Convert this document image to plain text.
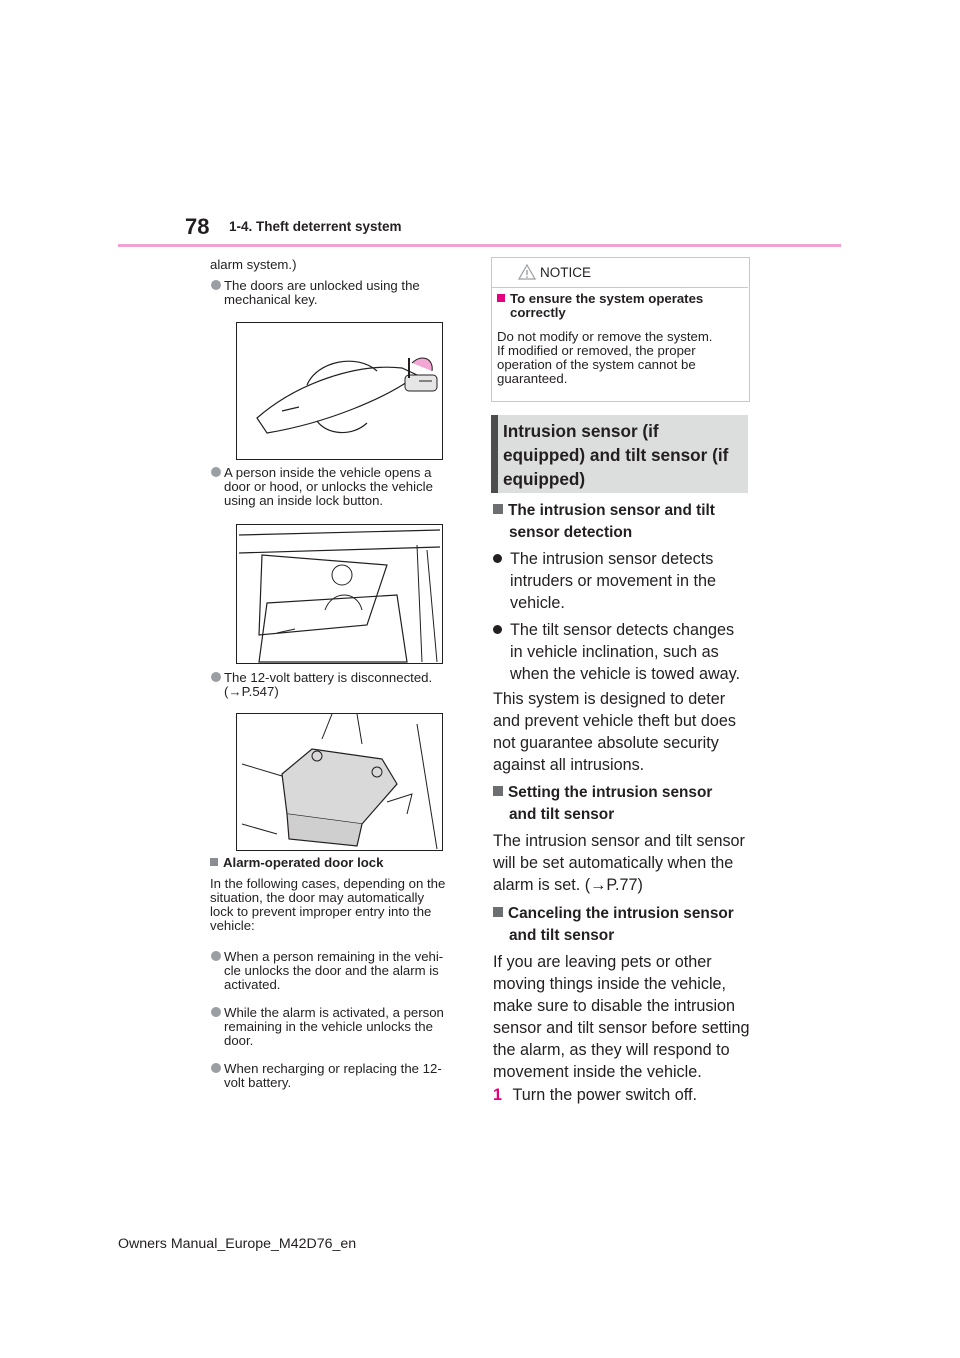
78 1-4. Theft deterrent system
alarm system.)
The doors are unlocked using the
mechanical key.
A person inside the vehicle opens a
door or hood, or unlocks the vehicle
using an inside lock button.
The 12-volt battery is disconnected.
(→P.547)
Alarm-operated door lock
In the following cases, depending on the
situation, the door may automatically
lock to prevent improper entry into the
vehicle:
When a person remaining in the vehi-
cle unlocks the door and the alarm is
activated.
While the alarm is activated, a person
remaining in the vehicle unlocks the
door.
When recharging or replacing the 12-
volt battery.
NOTICE
To ensure the system operates
correctly
Do not modify or remove the system.
If modified or removed, the proper
operation of the system cannot be
guaranteed.
Intrusion sensor (if
equipped) and tilt sensor (if
equipped)
The intrusion sensor and tilt
sensor detection
The intrusion sensor detects
intruders or movement in the
vehicle.
The tilt sensor detects changes
in vehicle inclination, such as
when the vehicle is towed away.
This system is designed to deter
and prevent vehicle theft but does
not guarantee absolute security
against all intrusions.
Setting the intrusion sensor
and tilt sensor
The intrusion sensor and tilt sensor
will be set automatically when the
alarm is set. (→P.77)
Canceling the intrusion sensor
and tilt sensor
If you are leaving pets or other
moving things inside the vehicle,
make sure to disable the intrusion
sensor and tilt sensor before setting
the alarm, as they will respond to
movement inside the vehicle.
1 Turn the power switch off.
Owners Manual_Europe_M42D76_en
